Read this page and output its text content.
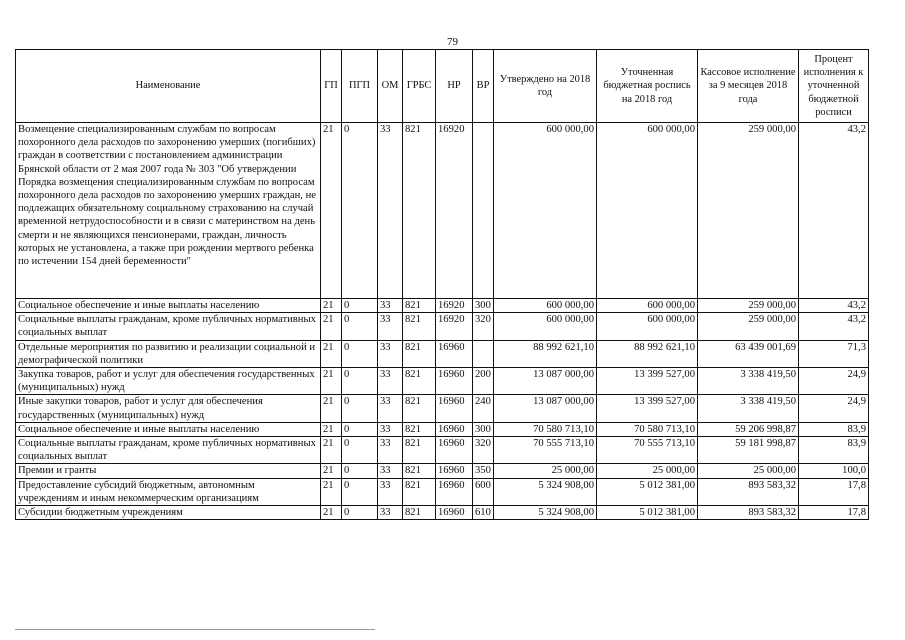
79
Наименование	ГП	ПГП	ОМ	ГРБС	НР	ВР	Утверждено на 2018 год	Уточненная бюджетная роспись на 2018 год	Кассовое исполнение за 9 месяцев 2018 года	Процент исполнения к уточненной бюджетной росписи
Возмещение специализированным службам по вопросам похоронного дела расходов по захоронению умерших (погибших) граждан в соответствии с постановлением администрации Брянской области от 2 мая 2007 года № 303 "Об утверждении Порядка возмещения специализированным службам по вопросам похоронного дела расходов по захоронению умерших граждан, не подлежащих обязательному социальному страхованию на случай временной нетрудоспособности и в связи с материнством на день смерти и не являющихся пенсионерами, граждан, личность которых не установлена, а также при рождении мертвого ребенка по истечении 154 дней беременности"	21	0	33	821	16920		600 000,00	600 000,00	259 000,00	43,2
Социальное обеспечение и иные выплаты населению	21	0	33	821	16920	300	600 000,00	600 000,00	259 000,00	43,2
Социальные выплаты гражданам, кроме публичных нормативных социальных выплат	21	0	33	821	16920	320	600 000,00	600 000,00	259 000,00	43,2
Отдельные мероприятия по развитию и реализации социальной и демографической политики	21	0	33	821	16960		88 992 621,10	88 992 621,10	63 439 001,69	71,3
Закупка товаров, работ и услуг для обеспечения государственных (муниципальных) нужд	21	0	33	821	16960	200	13 087 000,00	13 399 527,00	3 338 419,50	24,9
Иные закупки товаров, работ и услуг для обеспечения государственных (муниципальных) нужд	21	0	33	821	16960	240	13 087 000,00	13 399 527,00	3 338 419,50	24,9
Социальное обеспечение и иные выплаты населению	21	0	33	821	16960	300	70 580 713,10	70 580 713,10	59 206 998,87	83,9
Социальные выплаты гражданам, кроме публичных нормативных социальных выплат	21	0	33	821	16960	320	70 555 713,10	70 555 713,10	59 181 998,87	83,9
Премии и гранты	21	0	33	821	16960	350	25 000,00	25 000,00	25 000,00	100,0
Предоставление субсидий бюджетным, автономным учреждениям и иным некоммерческим организациям	21	0	33	821	16960	600	5 324 908,00	5 012 381,00	893 583,32	17,8
Субсидии бюджетным учреждениям	21	0	33	821	16960	610	5 324 908,00	5 012 381,00	893 583,32	17,8
